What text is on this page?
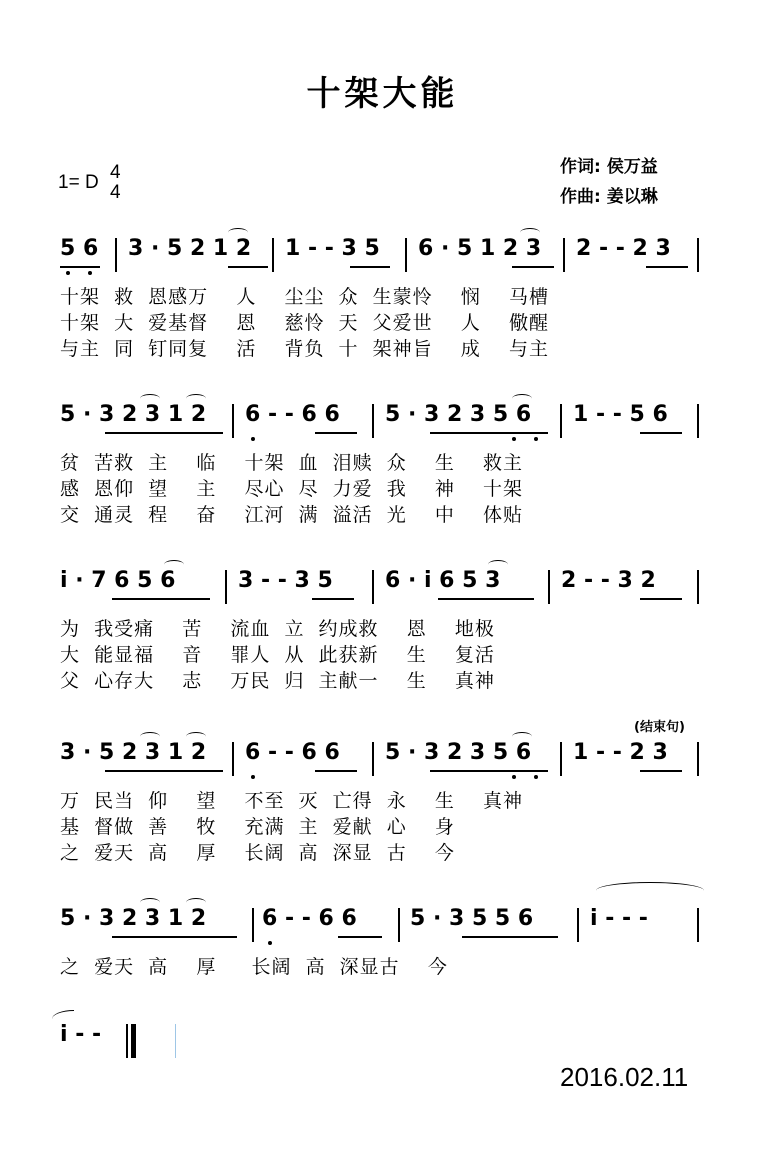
十架大能
作词: 侯万益
作曲: 姜以琳
1= D 4
4
5 6 3 · 5 2 1 2 1 - - 3 5 6 · 5 1 2 3 2 - - 2 3
十架  救  恩感万    人    尘尘  众  生蒙怜    悯    马槽
十架  大  爱基督    恩    慈怜  天  父爱世    人    儆醒
与主  同  钉同复    活    背负  十  架神旨    成    与主
5 · 3 2 3 1 2 6 - - 6 6 5 · 3 2 3 5 6 1 - - 5 6
贫  苦救  主    临    十架  血  泪赎  众    生    救主
感  恩仰  望    主    尽心  尽  力爱  我    神    十架
交  通灵  程    奋    江河  满  溢活  光    中    体贴
i · 7 6 5 6	3 - - 3 5 6 · i 6 5 3	2 - - 3 2
为  我受痛    苦    流血  立  约成救    恩    地极
大  能显福    音    罪人  从  此获新    生    复活
父  心存大    志    万民  归  主献一    生    真神
(结束句)
3 · 5 2 3 1 2 6 - - 6 6 5 · 3 2 3 5 6 1 - - 2 3
万  民当  仰    望    不至  灭  亡得  永    生    真神
基  督做  善    牧    充满  主  爱献  心    身
之  爱天  高    厚    长阔  高  深显  古    今
5 · 3 2 3 1 2	6 - - 6 6 5 · 3 5 5 6	i - - -
之  爱天  高    厚     长阔  高  深显古    今
i - -
2016.02.11
